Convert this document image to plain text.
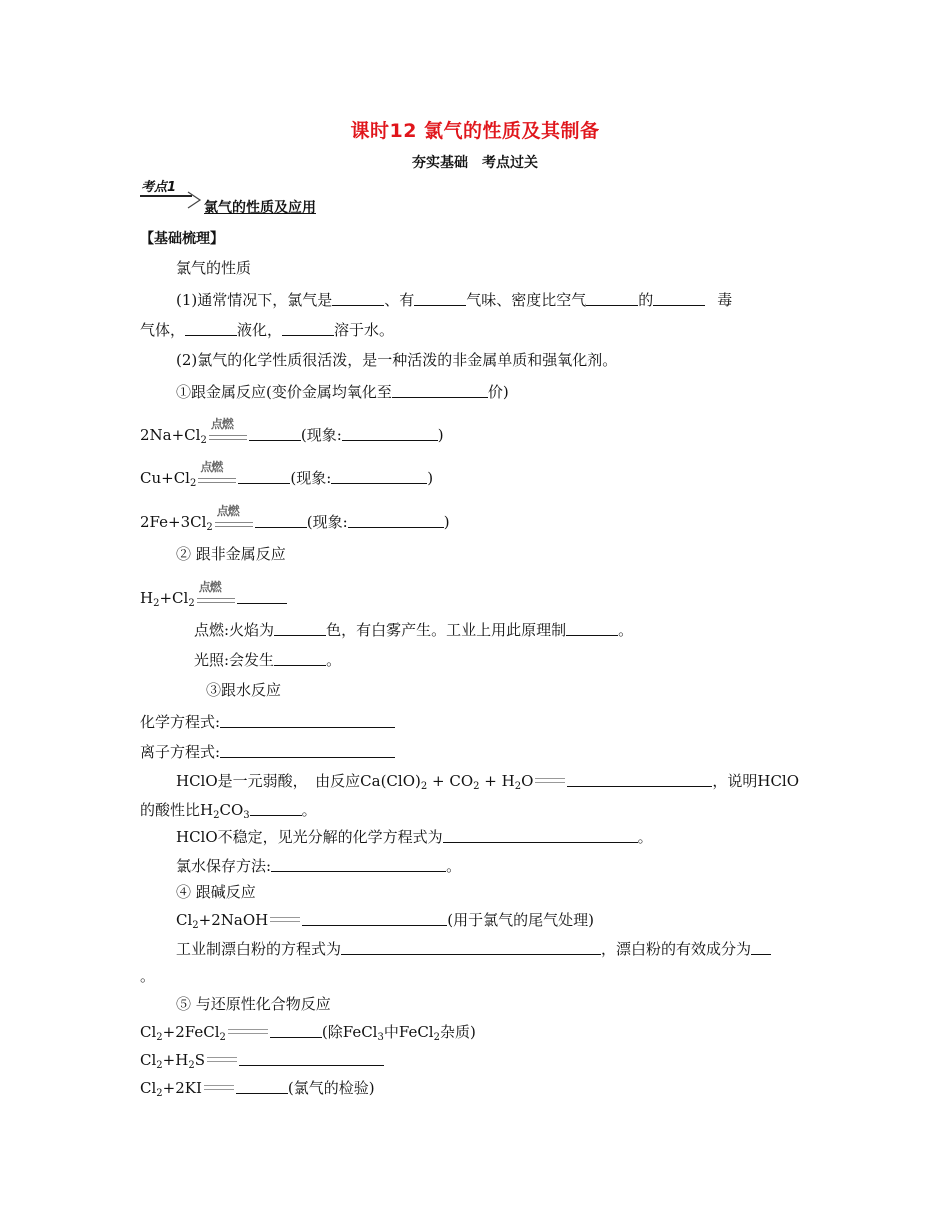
课时12 氯气的性质及其制备
夯实基础　考点过关
考点1
氯气的性质及应用
【基础梳理】
氯气的性质
(1)通常情况下，氯气是	、有	气味、密度比空气	的	毒
气体，	液化，	溶于水。
(2)氯气的化学性质很活泼，是一种活泼的非金属单质和强氧化剂。
①跟金属反应(变价金属均氧化至	价)
$2Na+Cl_2$
点燃
(现象:	)
$Cu+Cl_2$
点燃
(现象:	)
$2Fe+3Cl_2$
点燃
(现象:	)
② 跟非金属反应
$H_2+Cl_2$
点燃
点燃:火焰为	色，有白雾产生。工业上用此原理制	。
光照:会发生	。
③跟水反应
化学方程式:
离子方程式:
HClO是一元弱酸，　由反应$Ca(ClO)_2 + CO_2 + H_2O$	，说明HClO
的酸性比$H_2CO_3$	。
HClO不稳定，见光分解的化学方程式为	。
氯水保存方法:	。
④ 跟碱反应
$Cl_2+2NaOH$	(用于氯气的尾气处理)
工业制漂白粉的方程式为	，漂白粉的有效成分为
。
⑤ 与还原性化合物反应
$Cl_2+2FeCl_2$	(除FeCl$_3$中FeCl$_2$杂质)
$Cl_2+H_2S$
$Cl_2+2KI$	(氯气的检验)
